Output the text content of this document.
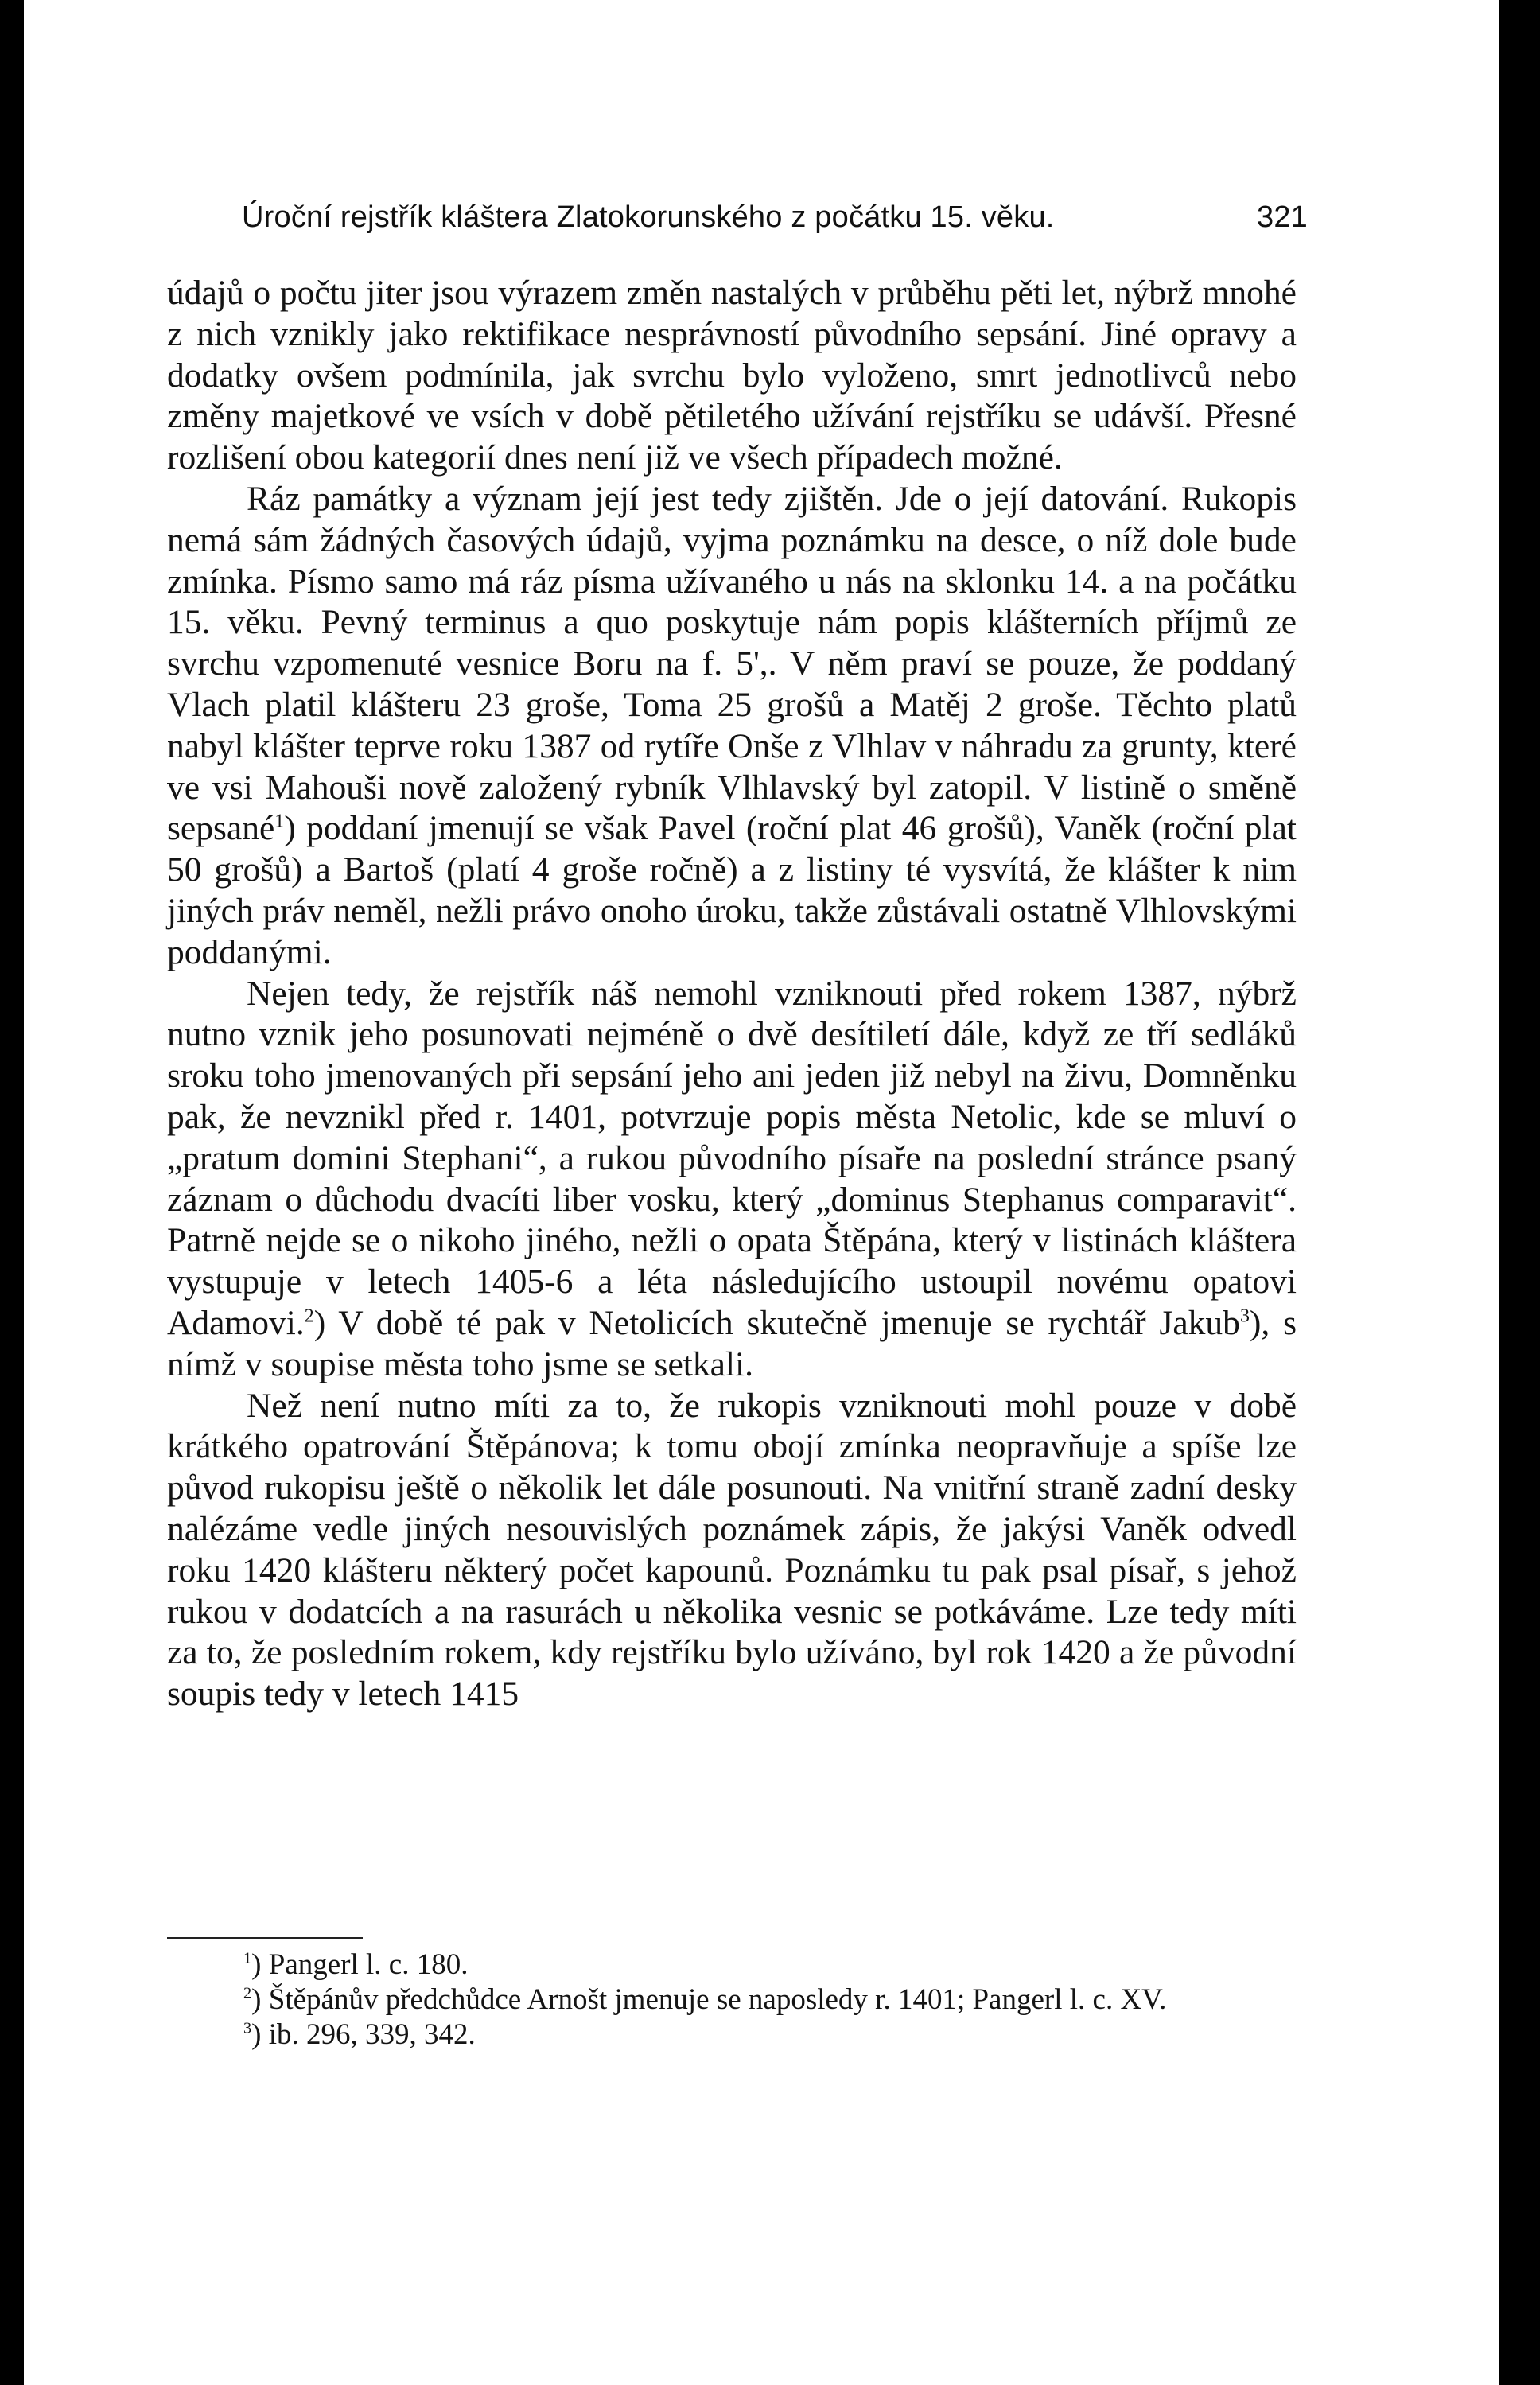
Úroční rejstřík kláštera Zlatokorunského z počátku 15. věku.	321

údajů o počtu jiter jsou výrazem změn nastalých v průběhu pěti let, nýbrž mnohé z nich vznikly jako rektifikace nesprávností původního sepsání. Jiné opravy a dodatky ovšem podmínila, jak svrchu bylo vyloženo, smrt jednotlivců nebo změny majetkové ve vsích v době pětiletého užívání rejstříku se udávší. Přesné rozlišení obou kategorií dnes není již ve všech případech možné.

Ráz památky a význam její jest tedy zjištěn. Jde o její datování. Rukopis nemá sám žádných časových údajů, vyjma poznámku na desce, o níž dole bude zmínka. Písmo samo má ráz písma užívaného u nás na sklonku 14. a na počátku 15. věku. Pevný terminus a quo poskytuje nám popis klášterních příjmů ze svrchu vzpomenuté vesnice Boru na f. 5',. V něm praví se pouze, že poddaný Vlach platil klášteru 23 groše, Toma 25 grošů a Matěj 2 groše. Těchto platů nabyl klášter teprve roku 1387 od rytíře Onše z Vlhlav v náhradu za grunty, které ve vsi Mahouši nově založený rybník Vlhlavský byl zatopil. V listině o směně sepsané$^1$) poddaní jmenují se však Pavel (roční plat 46 grošů), Vaněk (roční plat 50 grošů) a Bartoš (platí 4 groše ročně) a z listiny té vysvítá, že klášter k nim jiných práv neměl, nežli právo onoho úroku, takže zůstávali ostatně Vlhlovskými poddanými.

Nejen tedy, že rejstřík náš nemohl vzniknouti před rokem 1387, nýbrž nutno vznik jeho posunovati nejméně o dvě desítiletí dále, když ze tří sedláků sroku toho jmenovaných při sepsání jeho ani jeden již nebyl na živu, Domněnku pak, že nevznikl před r. 1401, potvrzuje popis města Netolic, kde se mluví o „pratum domini Stephani“, a rukou původního písaře na poslední stránce psaný záznam o důchodu dvacíti liber vosku, který „dominus Stephanus comparavit“. Patrně nejde se o nikoho jiného, nežli o opata Štěpána, který v listinách kláštera vystupuje v letech 1405-6 a léta následujícího ustoupil novému opatovi Adamovi.$^2$) V době té pak v Netolicích skutečně jmenuje se rychtář Jakub$^3$), s nímž v soupise města toho jsme se setkali.

Než není nutno míti za to, že rukopis vzniknouti mohl pouze v době krátkého opatrování Štěpánova; k tomu obojí zmínka neopravňuje a spíše lze původ rukopisu ještě o několik let dále posunouti. Na vnitřní straně zadní desky nalézáme vedle jiných nesouvislých poznámek zápis, že jakýsi Vaněk odvedl roku 1420 klášteru některý počet kapounů. Poznámku tu pak psal písař, s jehož rukou v dodatcích a na rasurách u několika vesnic se potkáváme. Lze tedy míti za to, že posledním rokem, kdy rejstříku bylo užíváno, byl rok 1420 a že původní soupis tedy v letech 1415

$^1$) Pangerl l. c. 180.

$^2$) Štěpánův předchůdce Arnošt jmenuje se naposledy r. 1401; Pangerl l. c. XV.

$^3$) ib. 296, 339, 342.
